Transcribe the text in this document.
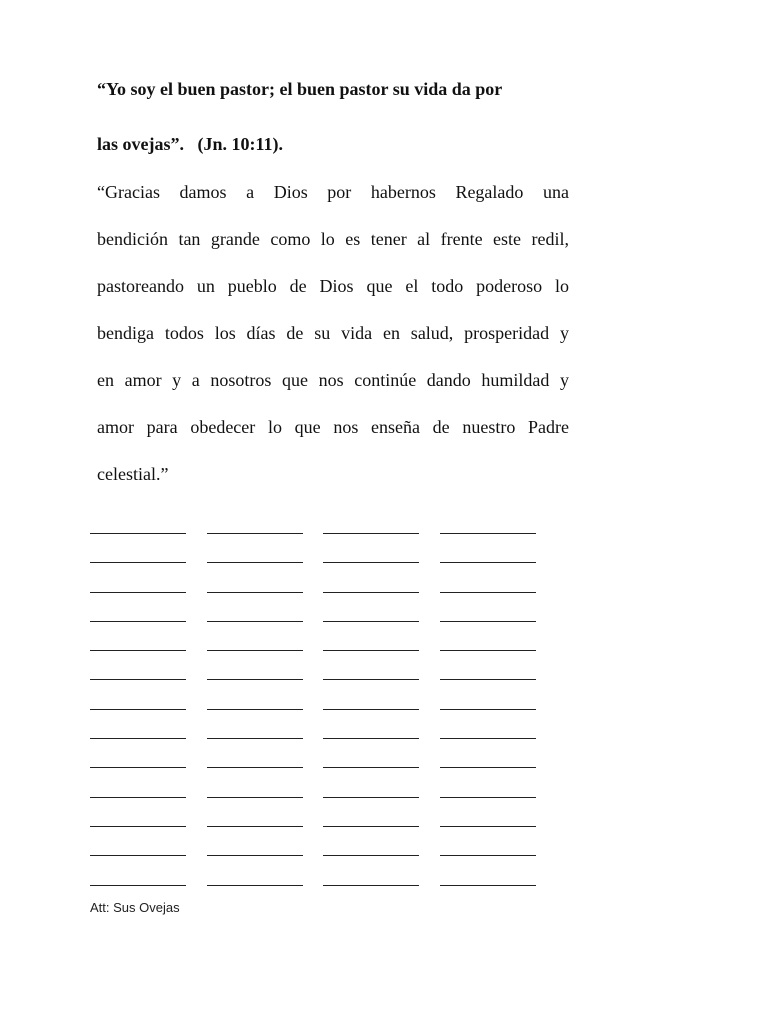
“Yo soy el buen pastor; el buen pastor su vida da por
las ovejas”.   (Jn. 10:11).
“Gracias damos a Dios por habernos Regalado una
bendición tan grande como lo es tener al frente este redil,
pastoreando un pueblo de Dios que el todo poderoso lo
bendiga todos los días de su vida en salud, prosperidad y
en amor y a nosotros que nos continúe dando humildad y
amor para obedecer lo que nos enseña de nuestro Padre
celestial.”
Att: Sus Ovejas
